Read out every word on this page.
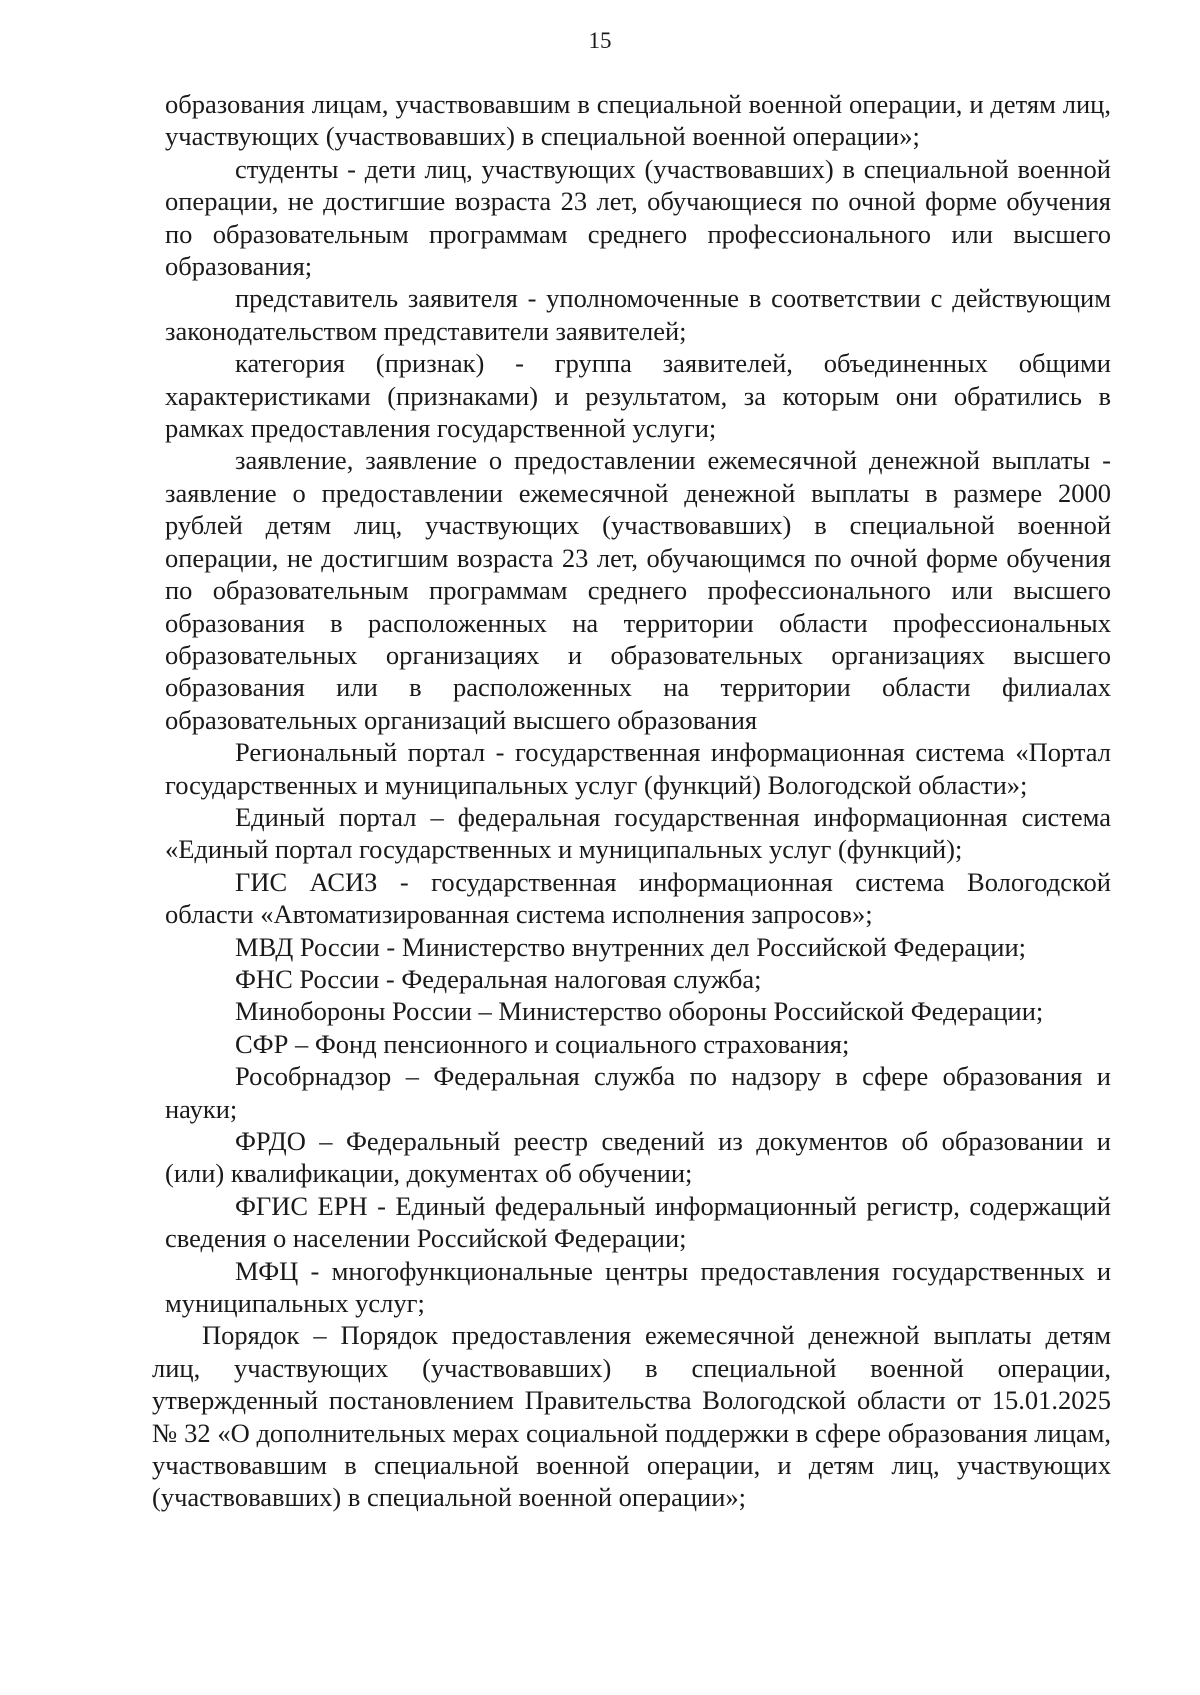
15

образования лицам, участвовавшим в специальной военной операции, и детям лиц, участвующих (участвовавших) в специальной военной операции»;

студенты - дети лиц, участвующих (участвовавших) в специальной военной операции, не достигшие возраста 23 лет, обучающиеся по очной форме обучения по образовательным программам среднего профессионального или высшего образования;

представитель заявителя - уполномоченные в соответствии с действующим законодательством представители заявителей;

категория (признак) - группа заявителей, объединенных общими характеристиками (признаками) и результатом, за которым они обратились в рамках предоставления государственной услуги;

заявление, заявление о предоставлении ежемесячной денежной выплаты - заявление о предоставлении ежемесячной денежной выплаты в размере 2000 рублей детям лиц, участвующих (участвовавших) в специальной военной операции, не достигшим возраста 23 лет, обучающимся по очной форме обучения по образовательным программам среднего профессионального или высшего образования в расположенных на территории области профессиональных образовательных организациях и образовательных организациях высшего образования или в расположенных на территории области филиалах образовательных организаций высшего образования

Региональный портал - государственная информационная система «Портал государственных и муниципальных услуг (функций) Вологодской области»;

Единый портал – федеральная государственная информационная система «Единый портал государственных и муниципальных услуг (функций);

ГИС АСИЗ - государственная информационная система Вологодской области «Автоматизированная система исполнения запросов»;

МВД России - Министерство внутренних дел Российской Федерации;

ФНС России - Федеральная налоговая служба;

Минобороны России – Министерство обороны Российской Федерации;

СФР – Фонд пенсионного и социального страхования;

Рособрнадзор – Федеральная служба по надзору в сфере образования и науки;

ФРДО – Федеральный реестр сведений из документов об образовании и (или) квалификации, документах об обучении;

ФГИС ЕРН - Единый федеральный информационный регистр, содержащий сведения о населении Российской Федерации;

МФЦ - многофункциональные центры предоставления государственных и муниципальных услуг;

Порядок – Порядок предоставления ежемесячной денежной выплаты детям лиц, участвующих (участвовавших) в специальной военной операции, утвержденный постановлением Правительства Вологодской области от 15.01.2025 № 32 «О дополнительных мерах социальной поддержки в сфере образования лицам, участвовавшим в специальной военной операции, и детям лиц, участвующих (участвовавших) в специальной военной операции»;
